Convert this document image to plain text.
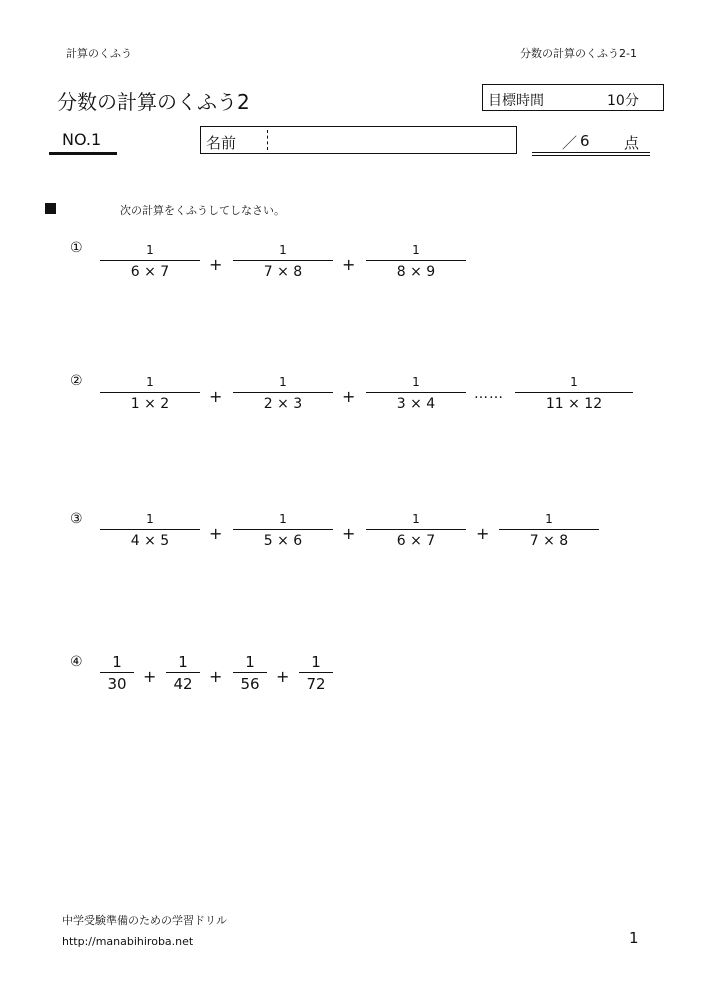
計算のくふう	分数の計算のくふう2-1
分数の計算のくふう2	目標時間	10分
NO.1	名前	／ 6 点
次の計算をくふうしてしなさい。
①	1
6 × 7	+
1
7 × 8	+
1
8 × 9
②	1
1 × 2	+
1
2 × 3	+
1
3 × 4
……
1
11 × 12
③	1
4 × 5	+
1
5 × 6	+
1
6 × 7	+
1
7 × 8
④	1
30	+
1
42	+
1
56	+
1
72
中学受験準備のための学習ドリル
http://manabihiroba.net	1
